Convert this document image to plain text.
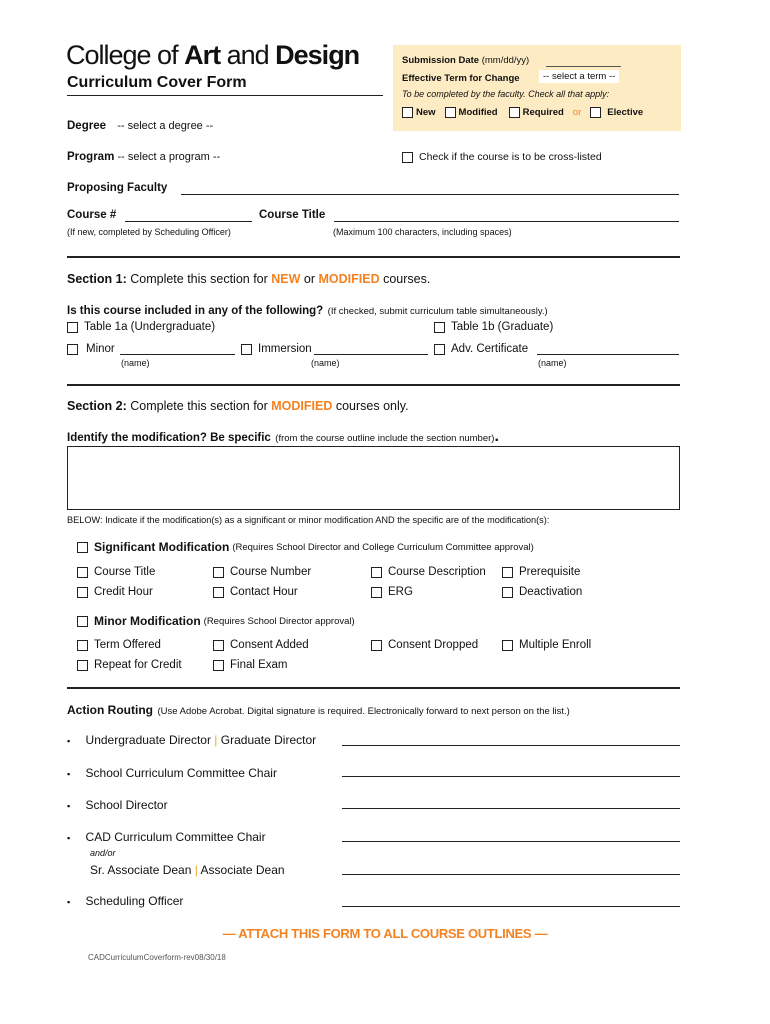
College of Art and Design
Curriculum Cover Form
Submission Date (mm/dd/yy)
Effective Term for Change	-- select a term --
To be completed by the faculty. Check all that apply:
New Modified	Required or	Elective
Degree -- select a degree --
Program -- select a program --	Check if the course is to be cross-listed
Proposing Faculty
Course #	Course Title
(If new, completed by Scheduling Officer)	(Maximum 100 characters, including spaces)
Section 1: Complete this section for NEW or MODIFIED courses.
Is this course included in any of the following? (If checked, submit curriculum table simultaneously.)
Table 1a (Undergraduate)	Table 1b (Graduate)
Minor	Immersion	Adv. Certificate
(name)	(name)	(name)
Section 2: Complete this section for MODIFIED courses only.
Identify the modification? Be specific (from the course outline include the section number).
BELOW: Indicate if the modification(s) as a significant or minor modification AND the specific are of the modification(s):
Significant Modification (Requires School Director and College Curriculum Committee approval)
Course Title	Course Number	Course Description	Prerequisite
Credit Hour	Contact Hour	ERG	Deactivation
Minor Modification (Requires School Director approval)
Term Offered	Consent Added	Consent Dropped	Multiple Enroll
Repeat for Credit	Final Exam
Action Routing (Use Adobe Acrobat. Digital signature is required. Electronically forward to next person on the list.)
▪ Undergraduate Director | Graduate Director
▪ School Curriculum Committee Chair
▪ School Director
▪ CAD Curriculum Committee Chair
and/or
Sr. Associate Dean | Associate Dean
▪ Scheduling Officer
— ATTACH THIS FORM TO ALL COURSE OUTLINES —
CADCurriculumCoverform-rev08/30/18
